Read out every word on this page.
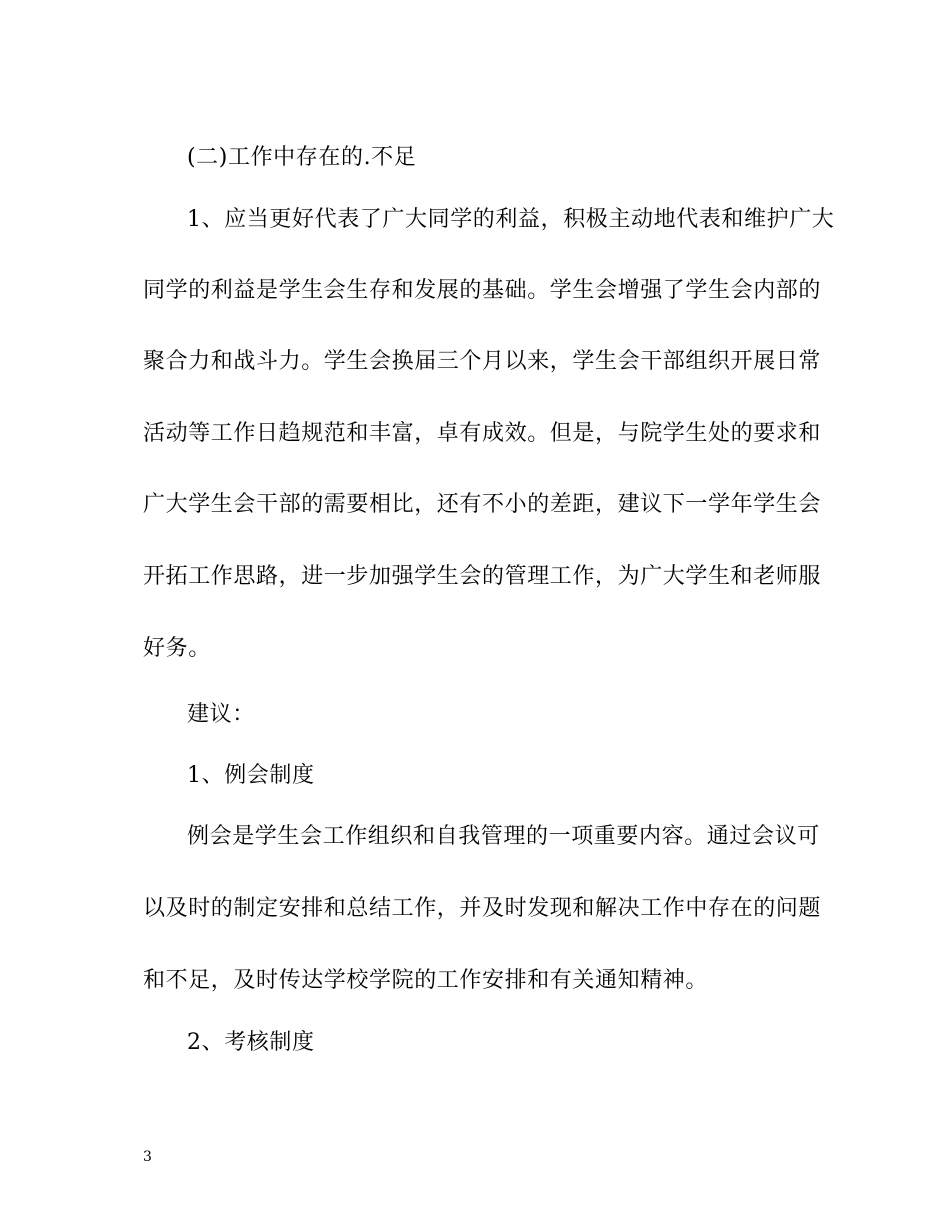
(二)工作中存在的.不足
1、应当更好代表了广大同学的利益，积极主动地代表和维护广大
同学的利益是学生会生存和发展的基础。学生会增强了学生会内部的
聚合力和战斗力。学生会换届三个月以来，学生会干部组织开展日常
活动等工作日趋规范和丰富，卓有成效。但是，与院学生处的要求和
广大学生会干部的需要相比，还有不小的差距，建议下一学年学生会
开拓工作思路，进一步加强学生会的管理工作，为广大学生和老师服
好务。
建议：
1、例会制度
例会是学生会工作组织和自我管理的一项重要内容。通过会议可
以及时的制定安排和总结工作，并及时发现和解决工作中存在的问题
和不足，及时传达学校学院的工作安排和有关通知精神。
2、考核制度
3
